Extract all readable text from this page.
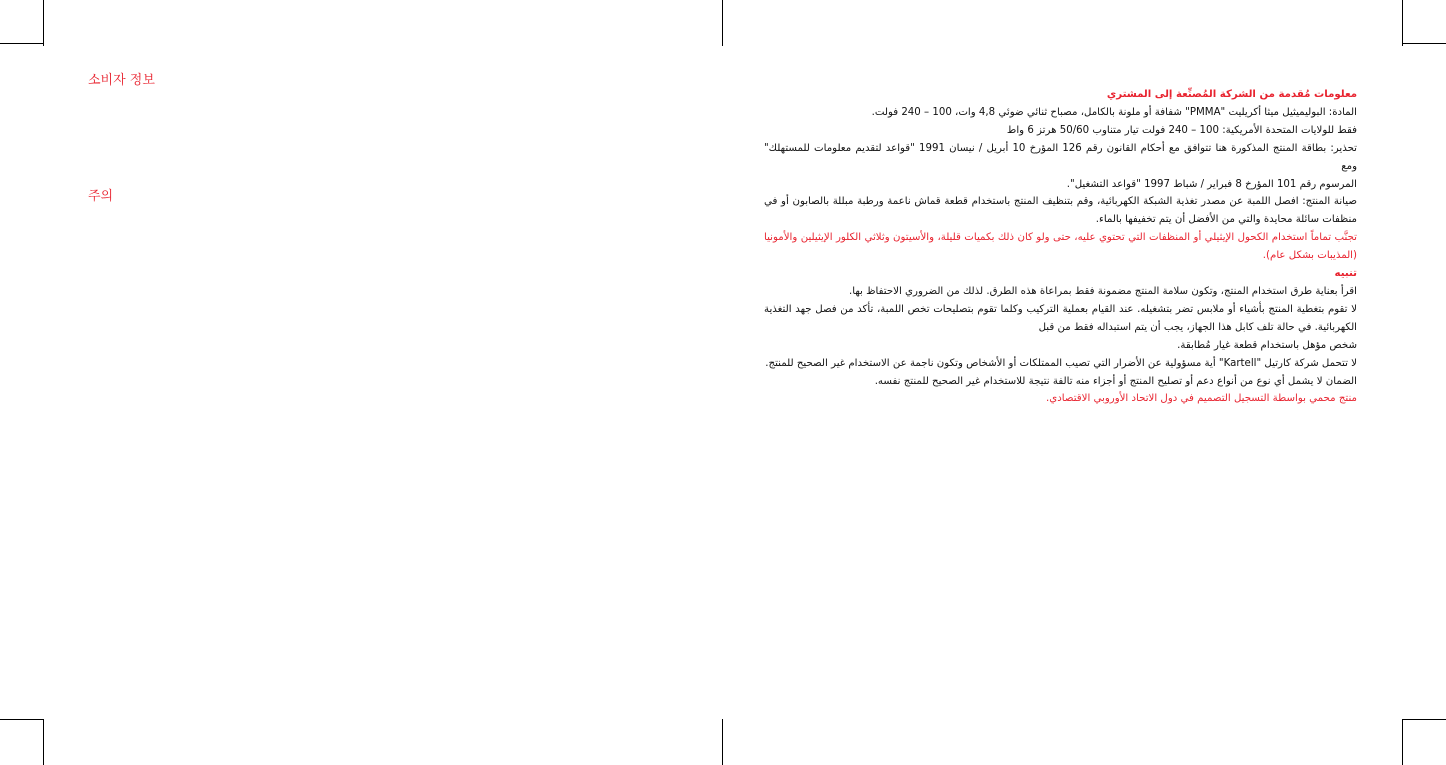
소비자 정보
주의
معلومات مُقدمة من الشركة المُصنِّعة إلى المشتري
المادة: البوليميثيل ميثا أكريليت "PMMA" شفافة أو ملونة بالكامل، مصباح ثنائي ضوئي 4,8 وات، 100 – 240 فولت.
فقط للولايات المتحدة الأمريكية: 100 – 240 فولت تيار متناوب 50/60 هرتز 6 واط
تحذير: بطاقة المنتج المذكورة هنا تتوافق مع أحكام القانون رقم 126 المؤرخ 10 أبريل / نيسان 1991 "قواعد لتقديم معلومات للمستهلك" ومع
المرسوم رقم 101 المؤرخ 8 فبراير / شباط 1997 "قواعد التشغيل".
صيانة المنتج: افصل اللمبة عن مصدر تغذية الشبكة الكهربائية، وقم بتنظيف المنتج باستخدام قطعة قماش ناعمة ورطبة مبللة بالصابون أو في
منظفات سائلة محايدة والتي من الأفضل أن يتم تخفيفها بالماء.
تجنَّب تماماً استخدام الكحول الإيثيلي أو المنظفات التي تحتوي عليه، حتى ولو كان ذلك بكميات قليلة، والأسيتون وثلاثي الكلور الإيثيلين والأمونيا
(المذيبات بشكل عام).
تنبيه
اقرأ بعناية طرق استخدام المنتج، وتكون سلامة المنتج مضمونة فقط بمراعاة هذه الطرق. لذلك من الضروري الاحتفاظ بها.
لا تقوم بتغطية المنتج بأشياء أو ملابس تضر بتشغيله. عند القيام بعملية التركيب وكلما تقوم بتصليحات تخص اللمبة، تأكد من فصل جهد التغذية
الكهربائية. في حالة تلف كابل هذا الجهاز، يجب أن يتم استبداله فقط من قبل
شخص مؤهل باستخدام قطعة غيار مُطابقة.
لا تتحمل شركة كارتيل "Kartell" أية مسؤولية عن الأضرار التي تصيب الممتلكات أو الأشخاص وتكون ناجمة عن الاستخدام غير الصحيح للمنتج.
الضمان لا يشمل أي نوع من أنواع دعم أو تصليح المنتج أو أجزاء منه تالفة نتيجة للاستخدام غير الصحيح للمنتج نفسه.
منتج محمي بواسطة التسجيل التصميم في دول الاتحاد الأوروبي الاقتصادي.
